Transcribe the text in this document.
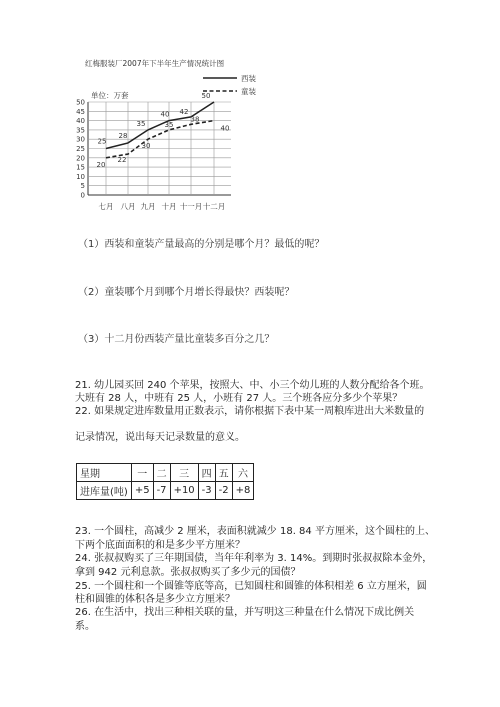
红梅服装厂2007年下半年生产情况统计图
0
5
10
15
20
25
30
35
40
45
50
七月 八月 九月 十月 十一月 十二月
单位：万套
25
28
35
40 42
50
20
22
30
35
38
40
西装
童装
（1）西装和童装产量最高的分别是哪个月？最低的呢？
（2）童装哪个月到哪个月增长得最快？西装呢？
（3）十二月份西装产量比童装多百分之几？
21. 幼儿园买回 240 个苹果，按照大、中、小三个幼儿班的人数分配给各个班。
大班有 28 人，中班有 25 人，小班有 27 人。三个班各应分多少个苹果？
22. 如果规定进库数量用正数表示，请你根据下表中某一周粮库进出大米数量的
记录情况，说出每天记录数量的意义。
星期	一	二	三	四	五	六
进库量(吨)	+5	-7	+10	-3	-2	+8
23. 一个圆柱，高减少 2 厘米，表面积就减少 18. 84 平方厘米，这个圆柱的上、
下两个底面面积的和是多少平方厘米？
24. 张叔叔购买了三年期国债，当年年利率为 3. 14%。到期时张叔叔除本金外，
拿到 942 元利息款。张叔叔购买了多少元的国债？
25. 一个圆柱和一个圆锥等底等高，已知圆柱和圆锥的体积相差 6 立方厘米，圆
柱和圆锥的体积各是多少立方厘米？
26. 在生活中，找出三种相关联的量，并写明这三种量在什么情况下成比例关
系。
